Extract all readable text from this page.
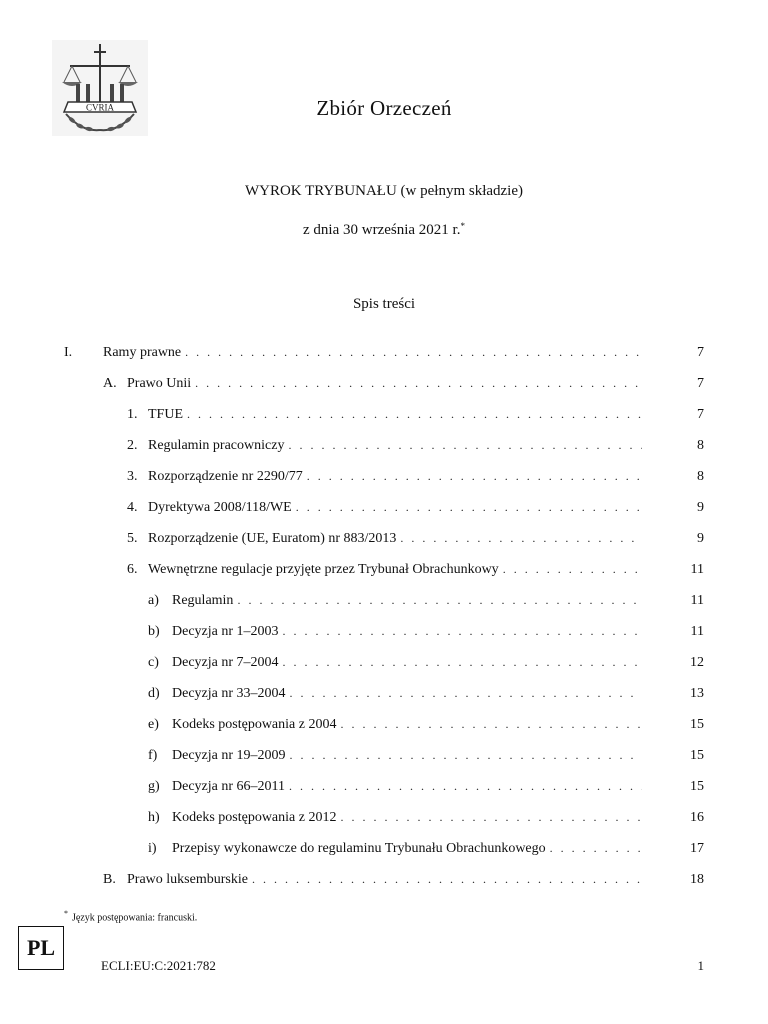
CVRIA	Zbiór Orzeczeń
WYROK TRYBUNAŁU (w pełnym składzie)
z dnia 30 września 2021 r.*
Spis treści
I.	Ramy prawne . . .	7
A. Prawo Unii . . .	7
1. TFUE . . .	7
2. Regulamin pracowniczy . . .	8
3. Rozporządzenie nr 2290/77 . . .	8
4. Dyrektywa 2008/118/WE . . .	9
5. Rozporządzenie (UE, Euratom) nr 883/2013 . . .	9
6. Wewnętrzne regulacje przyjęte przez Trybunał Obrachunkowy . . .	11
a) Regulamin . . .	11
b) Decyzja nr 1–2003 . . .	11
c) Decyzja nr 7–2004 . . .	12
d) Decyzja nr 33–2004 . . .	13
e) Kodeks postępowania z 2004 . . .	15
f)	Decyzja nr 19–2009 . . .	15
g) Decyzja nr 66–2011 . . .	15
h) Kodeks postępowania z 2012 . . .	16
i)	Przepisy wykonawcze do regulaminu Trybunału Obrachunkowego . . .	17
B. Prawo luksemburskie . . .	18
* Język postępowania: francuski.
PL
ECLI:EU:C:2021:782	1
